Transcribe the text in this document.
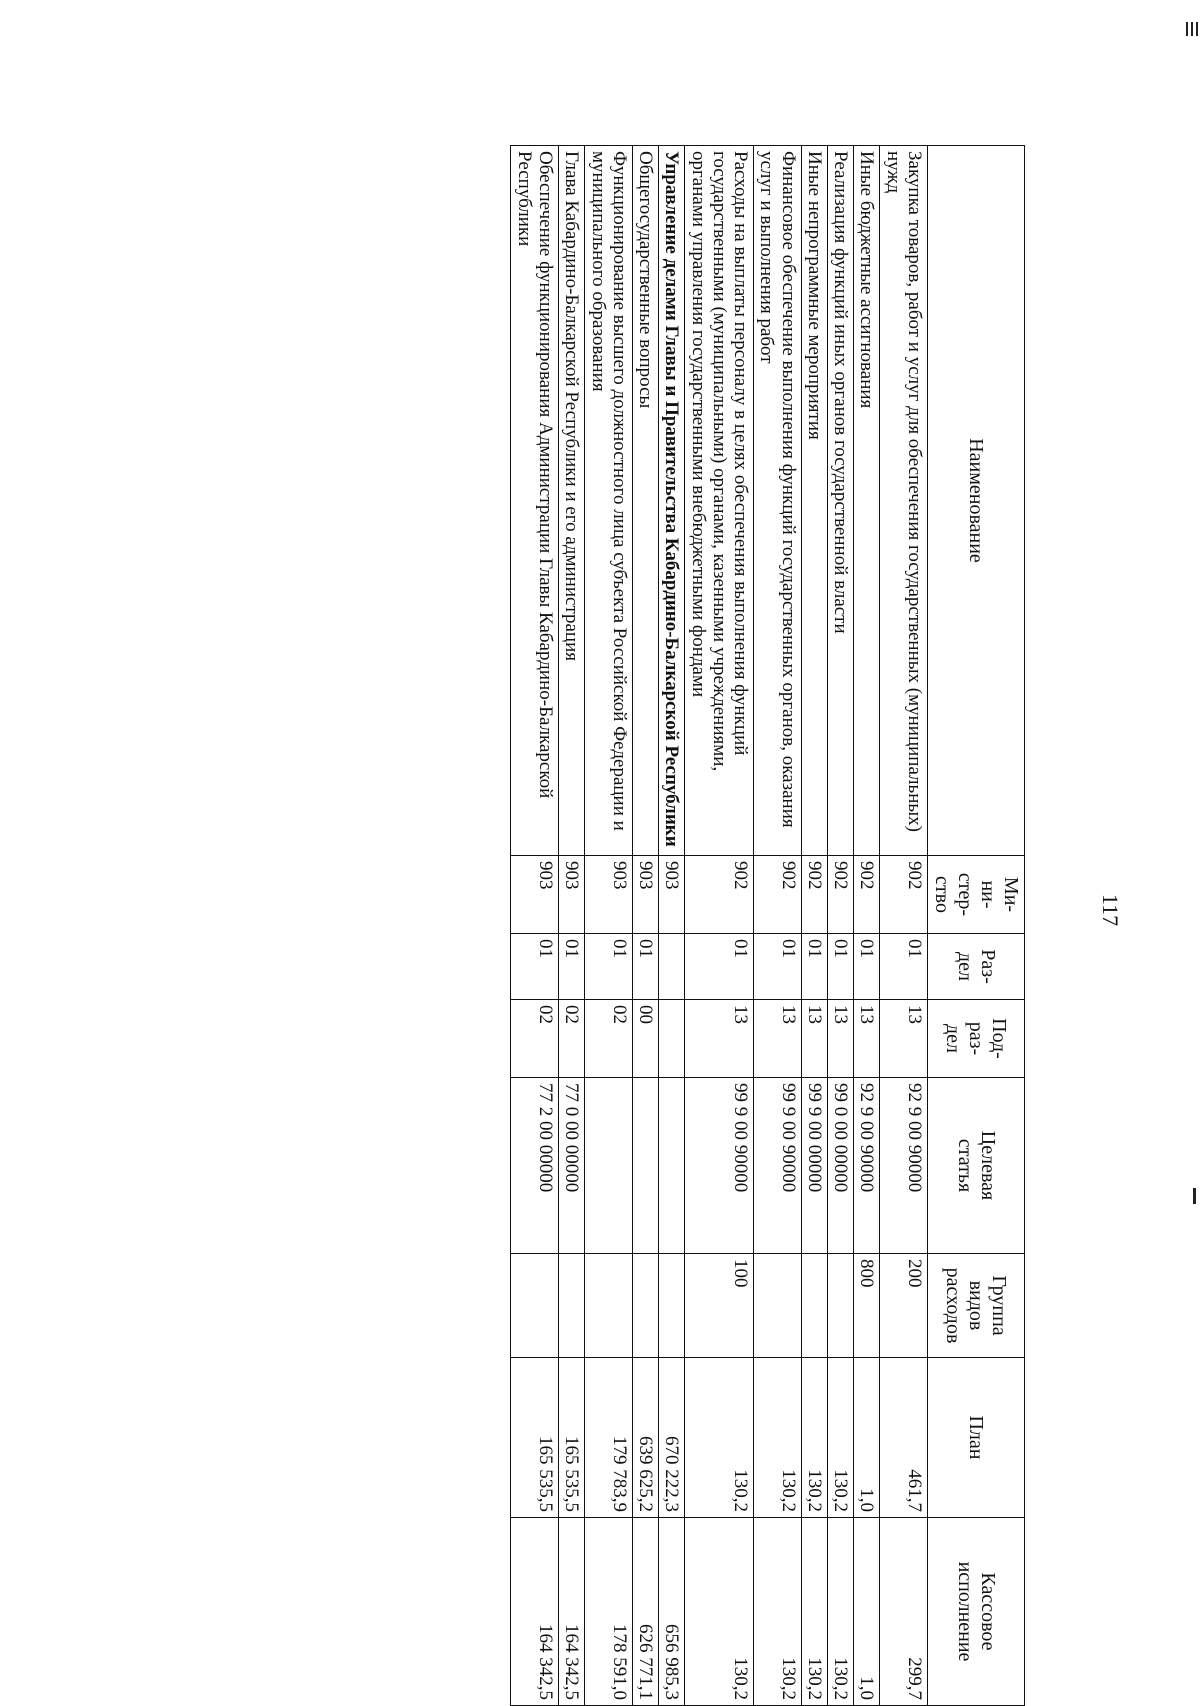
117
Наименование	Ми-
ни-
стер-
ство	Раз-
дел	Под-
раз-
дел	Целевая
статья	Группа
видов
расходов	План	Кассовое
исполнение
Закупка товаров, работ и услуг для обеспечения государственных (муниципальных) нужд	902	01	13	92 9 00 90000	200	461,7	299,7
Иные бюджетные ассигнования	902	01	13	92 9 00 90000	800	1,0	1,0
Реализация функций иных органов государственной власти	902	01	13	99 0 00 00000		130,2	130,2
Иные непрограммные мероприятия	902	01	13	99 9 00 00000		130,2	130,2
Финансовое обеспечение выполнения функций государственных органов, оказания услуг и выполнения работ	902	01	13	99 9 00 90000		130,2	130,2
Расходы на выплаты персоналу в целях обеспечения выполнения функций государственными (муниципальными) органами, казенными учреждениями, органами управления государственными внебюджетными фондами	902	01	13	99 9 00 90000	100	130,2	130,2
Управление делами Главы и Правительства Кабардино-Балкарской Республики	903					670 222,3	656 985,3
Общегосударственные вопросы	903	01	00			639 625,2	626 771,1
Функционирование высшего должностного лица субъекта Российской Федерации и муниципального образования	903	01	02			179 783,9	178 591,0
Глава Кабардино-Балкарской Республики и его администрация	903	01	02	77 0 00 00000		165 535,5	164 342,5
Обеспечение функционирования Администрации Главы Кабардино-Балкарской Республики	903	01	02	77 2 00 00000		165 535,5	164 342,5
